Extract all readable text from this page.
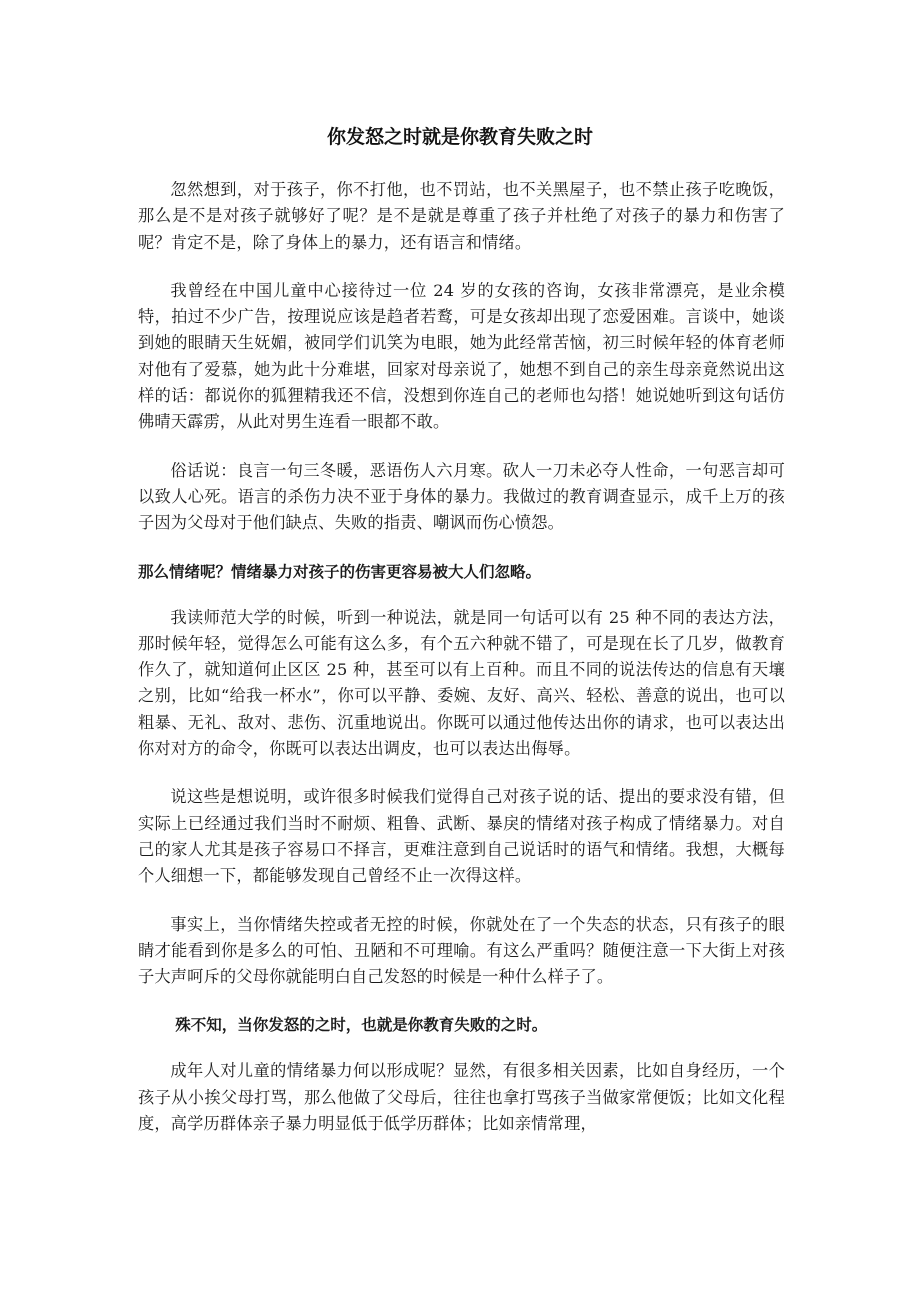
你发怒之时就是你教育失败之时

忽然想到，对于孩子，你不打他，也不罚站，也不关黑屋子，也不禁止孩子吃晚饭，那么是不是对孩子就够好了呢？是不是就是尊重了孩子并杜绝了对孩子的暴力和伤害了呢？肯定不是，除了身体上的暴力，还有语言和情绪。

我曾经在中国儿童中心接待过一位 24 岁的女孩的咨询，女孩非常漂亮，是业余模特，拍过不少广告，按理说应该是趋者若鹜，可是女孩却出现了恋爱困难。言谈中，她谈到她的眼睛天生妩媚，被同学们讥笑为电眼，她为此经常苦恼，初三时候年轻的体育老师对他有了爱慕，她为此十分难堪，回家对母亲说了，她想不到自己的亲生母亲竟然说出这样的话：都说你的狐狸精我还不信，没想到你连自己的老师也勾搭！她说她听到这句话仿佛晴天霹雳，从此对男生连看一眼都不敢。

俗话说：良言一句三冬暖，恶语伤人六月寒。砍人一刀未必夺人性命，一句恶言却可以致人心死。语言的杀伤力决不亚于身体的暴力。我做过的教育调查显示，成千上万的孩子因为父母对于他们缺点、失败的指责、嘲讽而伤心愤怨。

那么情绪呢？情绪暴力对孩子的伤害更容易被大人们忽略。

我读师范大学的时候，听到一种说法，就是同一句话可以有 25 种不同的表达方法，那时候年轻，觉得怎么可能有这么多，有个五六种就不错了，可是现在长了几岁，做教育作久了，就知道何止区区 25 种，甚至可以有上百种。而且不同的说法传达的信息有天壤之别，比如“给我一杯水”，你可以平静、委婉、友好、高兴、轻松、善意的说出，也可以粗暴、无礼、敌对、悲伤、沉重地说出。你既可以通过他传达出你的请求，也可以表达出你对对方的命令，你既可以表达出调皮，也可以表达出侮辱。

说这些是想说明，或许很多时候我们觉得自己对孩子说的话、提出的要求没有错，但实际上已经通过我们当时不耐烦、粗鲁、武断、暴戾的情绪对孩子构成了情绪暴力。对自己的家人尤其是孩子容易口不择言，更难注意到自己说话时的语气和情绪。我想，大概每个人细想一下，都能够发现自己曾经不止一次得这样。

事实上，当你情绪失控或者无控的时候，你就处在了一个失态的状态，只有孩子的眼睛才能看到你是多么的可怕、丑陋和不可理喻。有这么严重吗？随便注意一下大街上对孩子大声呵斥的父母你就能明白自己发怒的时候是一种什么样子了。

殊不知，当你发怒的之时，也就是你教育失败的之时。

成年人对儿童的情绪暴力何以形成呢？显然，有很多相关因素，比如自身经历，一个孩子从小挨父母打骂，那么他做了父母后，往往也拿打骂孩子当做家常便饭；比如文化程度，高学历群体亲子暴力明显低于低学历群体；比如亲情常理，
